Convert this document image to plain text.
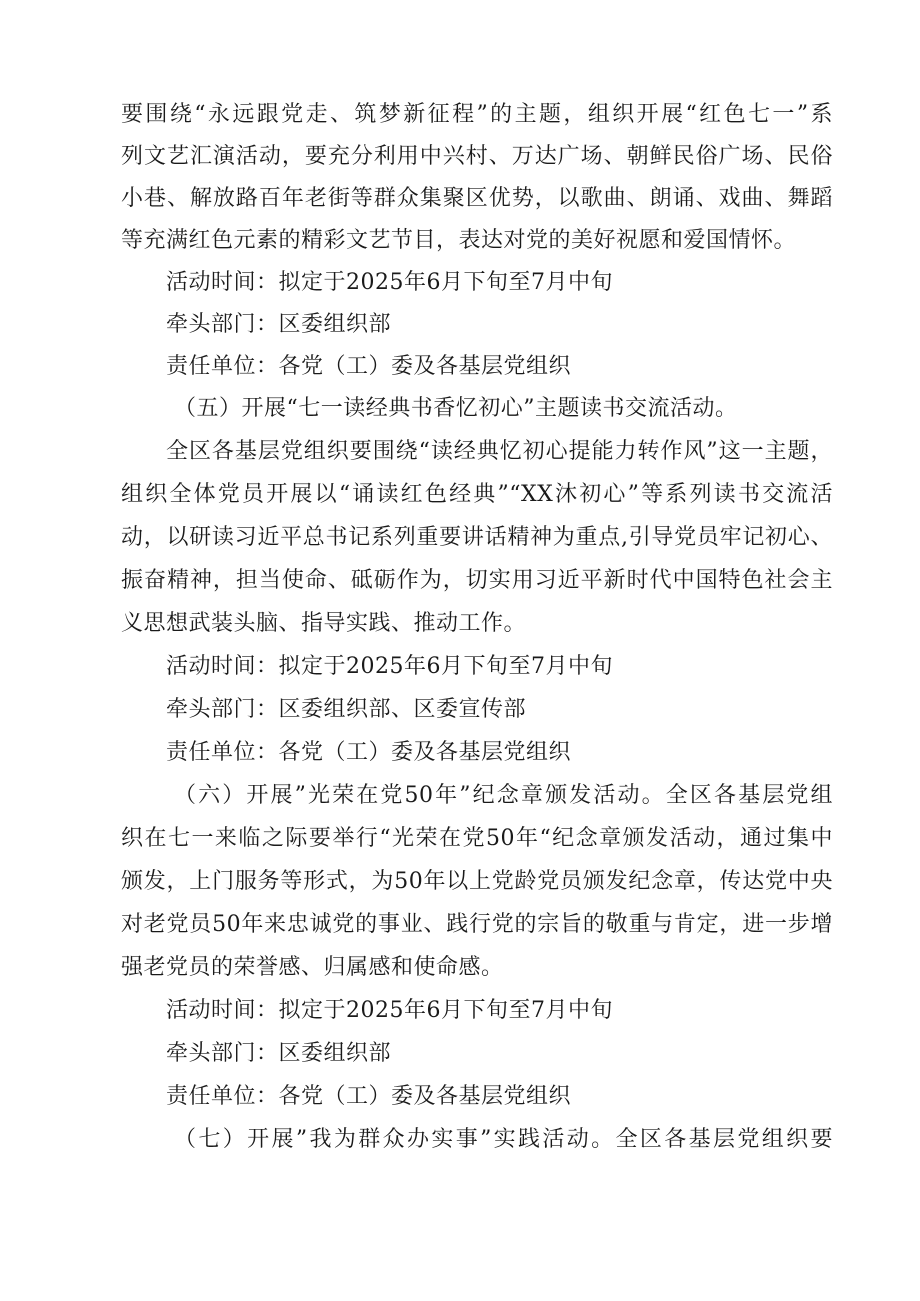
要围绕“永远跟党走、筑梦新征程”的主题，组织开展“红色七一”系
列文艺汇演活动，要充分利用中兴村、万达广场、朝鲜民俗广场、民俗
小巷、解放路百年老街等群众集聚区优势，以歌曲、朗诵、戏曲、舞蹈
等充满红色元素的精彩文艺节目，表达对党的美好祝愿和爱国情怀。
活动时间：拟定于2025年6月下旬至7月中旬
牵头部门：区委组织部
责任单位：各党（工）委及各基层党组织
（五）开展“七一读经典书香忆初心”主题读书交流活动。
全区各基层党组织要围绕“读经典忆初心提能力转作风”这一主题，
组织全体党员开展以“诵读红色经典”“XX沐初心”等系列读书交流活
动，以研读习近平总书记系列重要讲话精神为重点,引导党员牢记初心、
振奋精神，担当使命、砥砺作为，切实用习近平新时代中国特色社会主
义思想武装头脑、指导实践、推动工作。
活动时间：拟定于2025年6月下旬至7月中旬
牵头部门：区委组织部、区委宣传部
责任单位：各党（工）委及各基层党组织
（六）开展”光荣在党50年”纪念章颁发活动。全区各基层党组
织在七一来临之际要举行“光荣在党50年“纪念章颁发活动，通过集中
颁发，上门服务等形式，为50年以上党龄党员颁发纪念章，传达党中央
对老党员50年来忠诚党的事业、践行党的宗旨的敬重与肯定，进一步增
强老党员的荣誉感、归属感和使命感。
活动时间：拟定于2025年6月下旬至7月中旬
牵头部门：区委组织部
责任单位：各党（工）委及各基层党组织
（七）开展”我为群众办实事”实践活动。全区各基层党组织要
